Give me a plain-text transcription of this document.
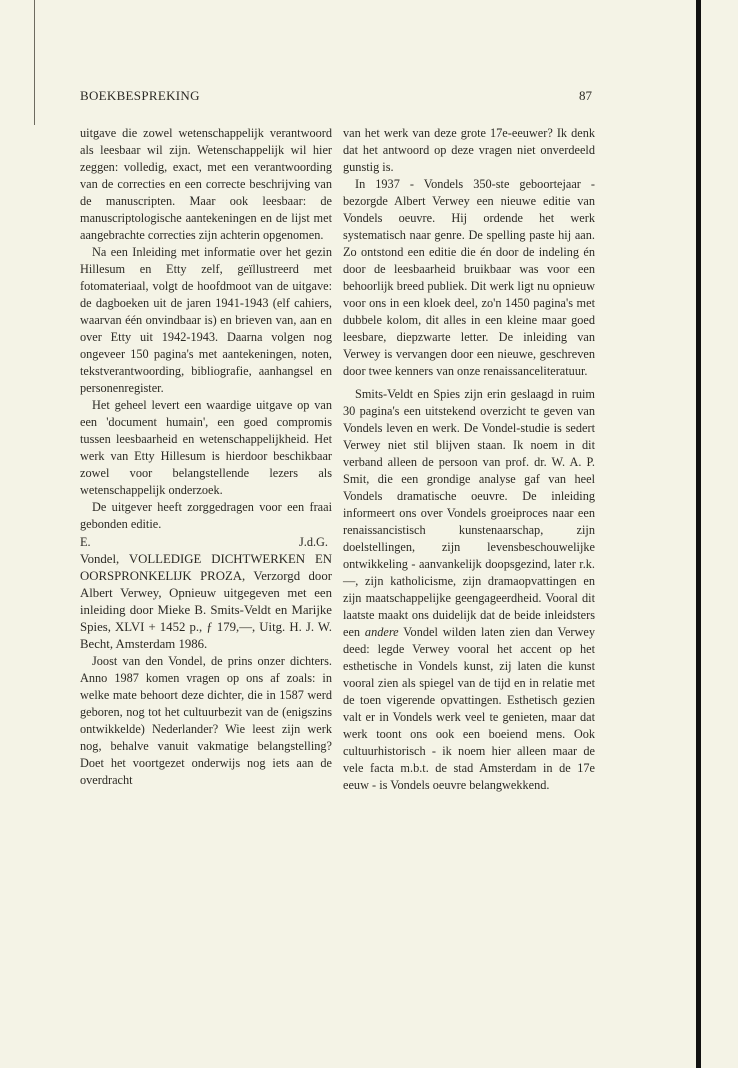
BOEKBESPREKING	87

uitgave die zowel wetenschappelijk verantwoord als leesbaar wil zijn. Wetenschappelijk wil hier zeggen: volledig, exact, met een verantwoording van de correcties en een correcte beschrijving van de manuscripten. Maar ook leesbaar: de manuscriptologische aantekeningen en de lijst met aangebrachte correcties zijn achterin opgenomen.

Na een Inleiding met informatie over het gezin Hillesum en Etty zelf, geïllustreerd met fotomateriaal, volgt de hoofdmoot van de uitgave: de dagboeken uit de jaren 1941-1943 (elf cahiers, waarvan één onvindbaar is) en brieven van, aan en over Etty uit 1942-1943. Daarna volgen nog ongeveer 150 pagina's met aantekeningen, noten, tekstverantwoording, bibliografie, aanhangsel en personenregister.

Het geheel levert een waardige uitgave op van een 'document humain', een goed compromis tussen leesbaarheid en wetenschappelijkheid. Het werk van Etty Hillesum is hierdoor beschikbaar zowel voor belangstellende lezers als wetenschappelijk onderzoek.

De uitgever heeft zorggedragen voor een fraai gebonden editie.

E.	J.d.G.

Vondel, VOLLEDIGE DICHTWERKEN EN OORSPRONKELIJK PROZA, Verzorgd door Albert Verwey, Opnieuw uitgegeven met een inleiding door Mieke B. Smits-Veldt en Marijke Spies, XLVI + 1452 p., ƒ 179,—, Uitg. H. J. W. Becht, Amsterdam 1986.

Joost van den Vondel, de prins onzer dichters. Anno 1987 komen vragen op ons af zoals: in welke mate behoort deze dichter, die in 1587 werd geboren, nog tot het cultuurbezit van de (enigszins ontwikkelde) Nederlander? Wie leest zijn werk nog, behalve vanuit vakmatige belangstelling? Doet het voortgezet onderwijs nog iets aan de overdracht

van het werk van deze grote 17e-eeuwer? Ik denk dat het antwoord op deze vragen niet onverdeeld gunstig is.

In 1937 - Vondels 350-ste geboortejaar - bezorgde Albert Verwey een nieuwe editie van Vondels oeuvre. Hij ordende het werk systematisch naar genre. De spelling paste hij aan. Zo ontstond een editie die én door de indeling én door de leesbaarheid bruikbaar was voor een behoorlijk breed publiek. Dit werk ligt nu opnieuw voor ons in een kloek deel, zo'n 1450 pagina's met dubbele kolom, dit alles in een kleine maar goed leesbare, diepzwarte letter. De inleiding van Verwey is vervangen door een nieuwe, geschreven door twee kenners van onze renaissanceliteratuur.

Smits-Veldt en Spies zijn erin geslaagd in ruim 30 pagina's een uitstekend overzicht te geven van Vondels leven en werk. De Vondel-studie is sedert Verwey niet stil blijven staan. Ik noem in dit verband alleen de persoon van prof. dr. W. A. P. Smit, die een grondige analyse gaf van heel Vondels dramatische oeuvre. De inleiding informeert ons over Vondels groeiproces naar een renaissancistisch kunstenaarschap, zijn doelstellingen, zijn levensbeschouwelijke ontwikkeling - aanvankelijk doopsgezind, later r.k. —, zijn katholicisme, zijn dramaopvattingen en zijn maatschappelijke geengageerdheid. Vooral dit laatste maakt ons duidelijk dat de beide inleidsters een andere Vondel wilden laten zien dan Verwey deed: legde Verwey vooral het accent op het esthetische in Vondels kunst, zij laten die kunst vooral zien als spiegel van de tijd en in relatie met de toen vigerende opvattingen. Esthetisch gezien valt er in Vondels werk veel te genieten, maar dat werk toont ons ook een boeiend mens. Ook cultuurhistorisch - ik noem hier alleen maar de vele facta m.b.t. de stad Amsterdam in de 17e eeuw - is Vondels oeuvre belangwekkend.
